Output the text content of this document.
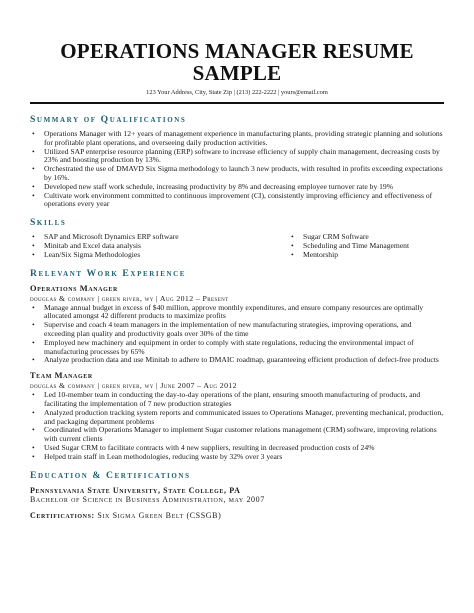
OPERATIONS MANAGER RESUME SAMPLE
123 Your Address, City, State Zip | (213) 222-2222 | yours@email.com
Summary of Qualifications
• Operations Manager with 12+ years of management experience in manufacturing plants, providing strategic planning and solutions for profitable plant operations, and overseeing daily production activities.
• Utilized SAP enterprise resource planning (ERP) software to increase efficiency of supply chain management, decreasing costs by 23% and boosting production by 13%.
• Orchestrated the use of DMAVD Six Sigma methodology to launch 3 new products, with resulted in profits exceeding expectations by 16%.
• Developed new staff work schedule, increasing productivity by 8% and decreasing employee turnover rate by 19%
• Cultivate work environment committed to continuous improvement (CI), consistently improving efficiency and effectiveness of operations every year
Skills
• SAP and Microsoft Dynamics ERP software
• Minitab and Excel data analysis
• Lean/Six Sigma Methodologies
• Sugar CRM Software
• Scheduling and Time Management
• Mentorship
Relevant Work Experience
Operations Manager
douglas & company | green river, wy | Aug 2012 – Present
• Manage annual budget in excess of $40 million, approve monthly expenditures, and ensure company resources are optimally allocated amongst 42 different products to maximize profits
• Supervise and coach 4 team managers in the implementation of new manufacturing strategies, improving operations, and exceeding plan quality and productivity goals over 30% of the time
• Employed new machinery and equipment in order to comply with state regulations, reducing the environmental impact of manufacturing processes by 65%
• Analyze production data and use Minitab to adhere to DMAIC roadmap, guaranteeing efficient production of defect-free products
Team Manager
douglas & company | green river, wy | June 2007 – Aug 2012
• Led 10-member team in conducting the day-to-day operations of the plant, ensuring smooth manufacturing of products, and facilitating the implementation of 7 new production strategies
• Analyzed production tracking system reports and communicated issues to Operations Manager, preventing mechanical, production, and packaging department problems
• Coordinated with Operations Manager to implement Sugar customer relations management (CRM) software, improving relations with current clients
• Used Sugar CRM to facilitate contracts with 4 new suppliers, resulting in decreased production costs of 24%
• Helped train staff in Lean methodologies, reducing waste by 32% over 3 years
Education & Certifications
Pennsylvania State University, State College, PA
Bachelor of Science in Business Administration, may 2007
Certifications: Six Sigma Green Belt (CSSGB)
